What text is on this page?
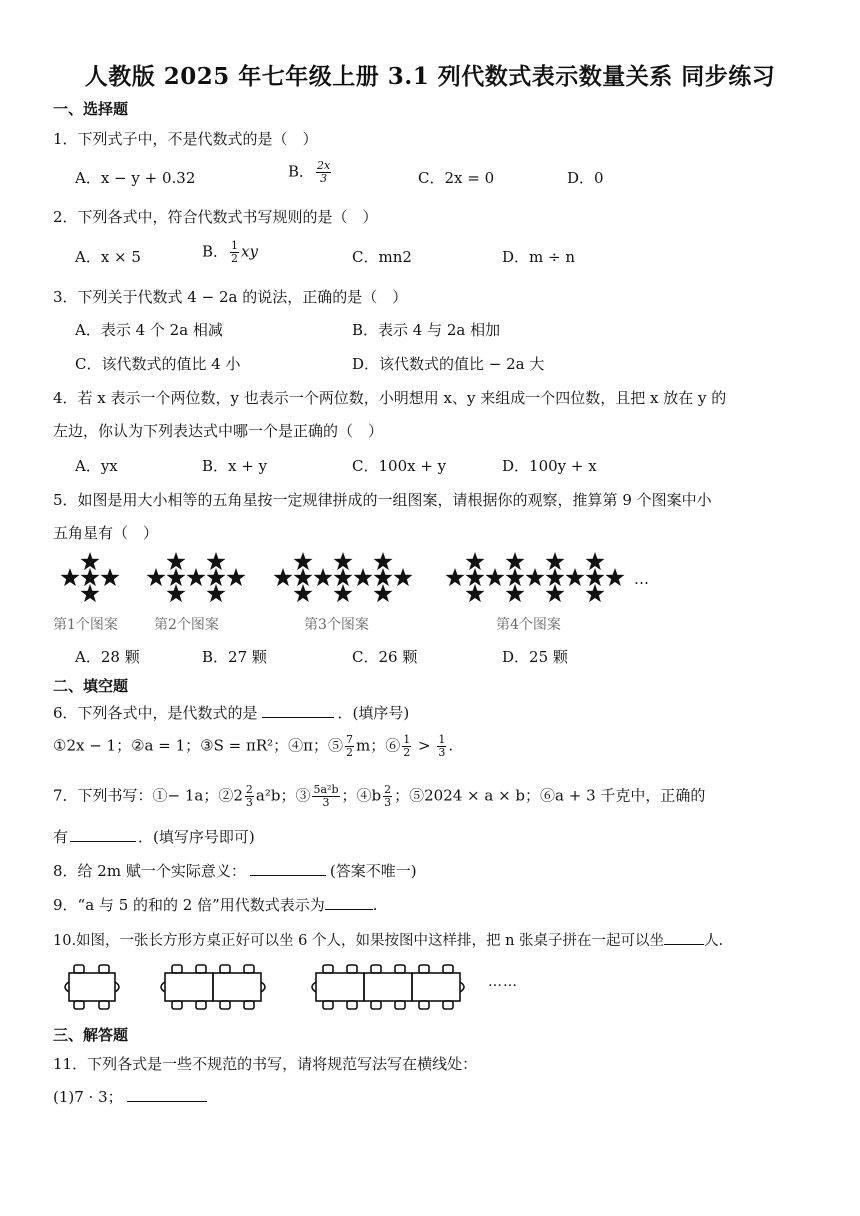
人教版 2025 年七年级上册 3.1 列代数式表示数量关系 同步练习
一、选择题
1．下列式子中，不是代数式的是（　）
A．x − y + 0.32	B． $\frac{2x}{3}$	C．2x = 0	D．0
2．下列各式中，符合代数式书写规则的是（　）
A．x × 5	B． $\frac{1}{2}$ xy	C．mn2	D．m ÷ n
3．下列关于代数式 4 − 2a 的说法，正确的是（　）
A．表示 4 个 2a 相减	B．表示 4 与 2a 相加
C．该代数式的值比 4 小	D．该代数式的值比 − 2a 大
4．若 x 表示一个两位数，y 也表示一个两位数，小明想用 x、y 来组成一个四位数，且把 x 放在 y 的
左边，你认为下列表达式中哪一个是正确的（　）
A．yx	B．x + y	C．100x + y	D．100y + x
5．如图是用大小相等的五角星按一定规律拼成的一组图案，请根据你的观察，推算第 9 个图案中小
五角星有（　）
…
第1个图案	第2个图案	第3个图案	第4个图案
A．28 颗	B．27 颗	C．26 颗	D．25 颗
二、填空题
6．下列各式中，是代数式的是	．(填序号)
①2x − 1；②a = 1；③S = πR²；④π；⑤ $\frac{7}{2}$ m；⑥ $\frac{1}{2} > \frac{1}{3}$ .
7．下列书写：①− 1a；②2 $\frac{2}{3} a^2b$；③ $\frac{\text{5a²b}}{3}$ ；④b $\frac{2}{3}$ ；⑤2024 × a × b；⑥a + 3 千克中，正确的
有	．(填写序号即可)
8．给 2m 赋一个实际意义：	(答案不唯一)
9．“a 与 5 的和的 2 倍”用代数式表示为	.
10.如图，一张长方形方桌正好可以坐 6 个人，如果按图中这样排，把 n 张桌子拼在一起可以坐	人.
……
三、解答题
11．下列各式是一些不规范的书写，请将规范写法写在横线处：
(1)7 · 3；
